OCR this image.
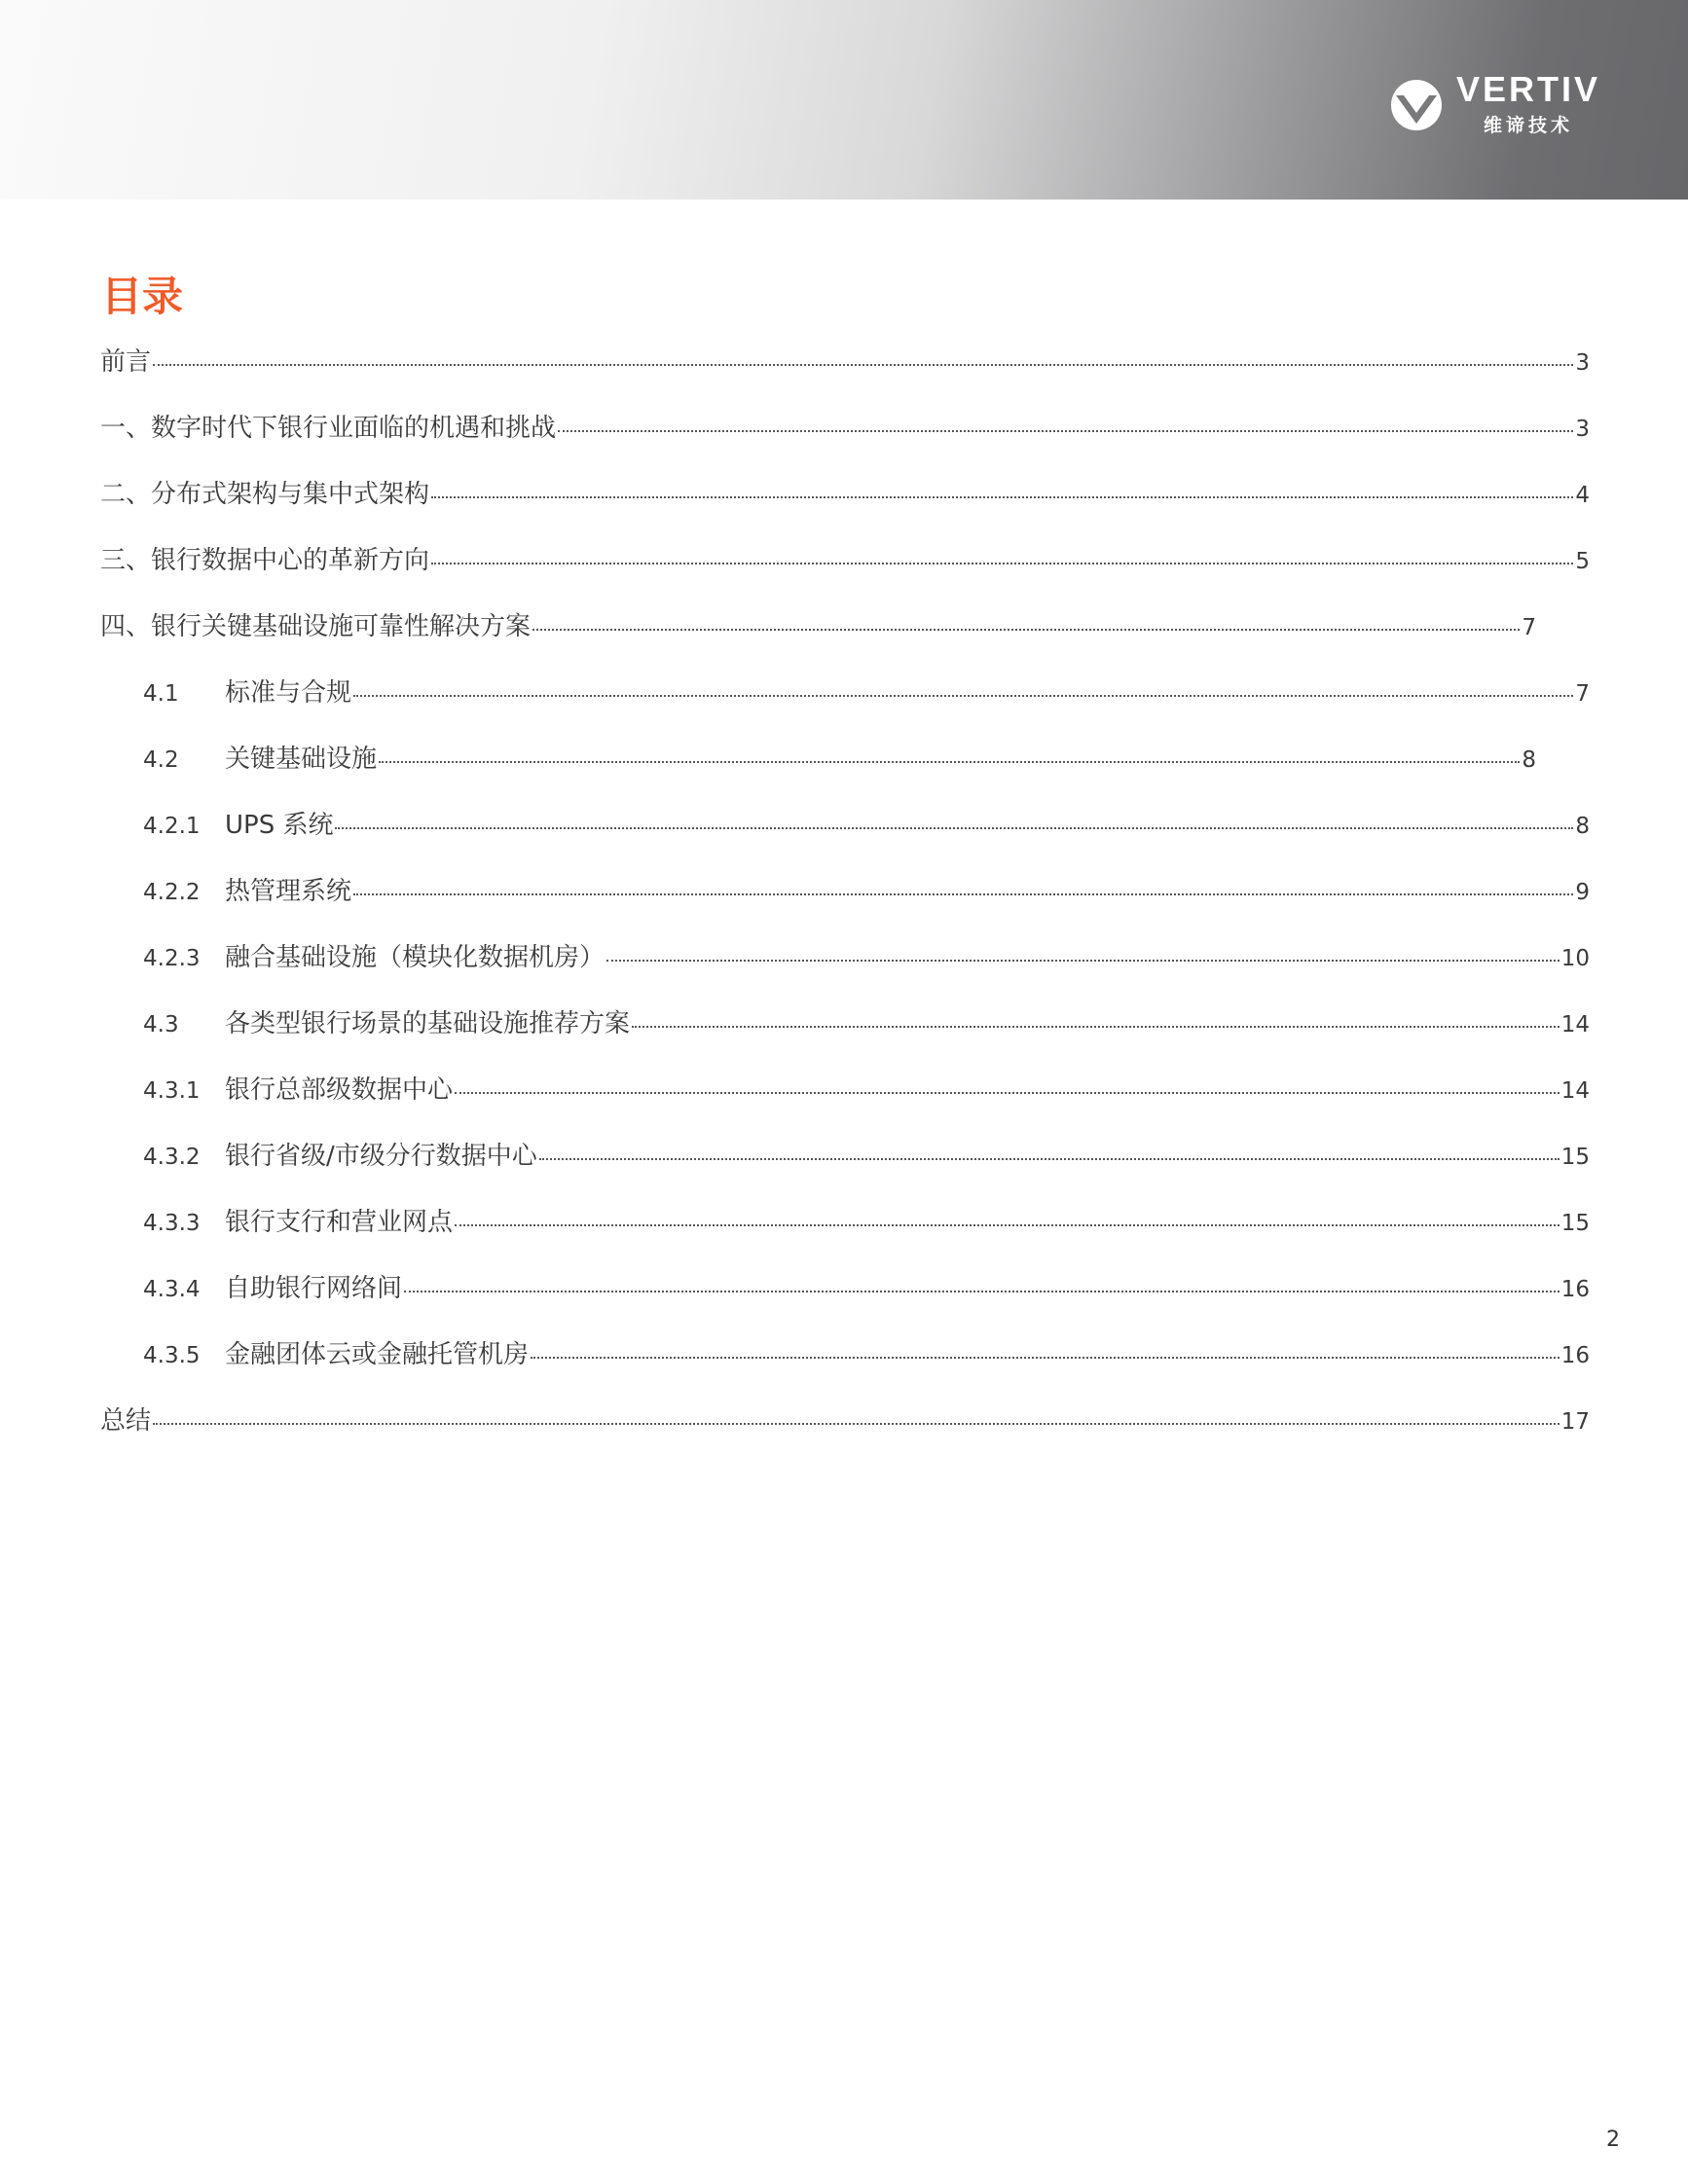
VERTIV
维谛技术
目录
前言	3
一、数字时代下银行业面临的机遇和挑战	3
二、分布式架构与集中式架构	4
三、银行数据中心的革新方向	5
四、银行关键基础设施可靠性解决方案	7
4.1	标准与合规	7
4.2	关键基础设施	8
4.2.1 UPS 系统	8
4.2.2 热管理系统	9
4.2.3 融合基础设施（模块化数据机房）	10
4.3	各类型银行场景的基础设施推荐方案	14
4.3.1 银行总部级数据中心	14
4.3.2 银行省级/市级分行数据中心	15
4.3.3 银行支行和营业网点	15
4.3.4 自助银行网络间	16
4.3.5 金融团体云或金融托管机房	16
总结	17
2
